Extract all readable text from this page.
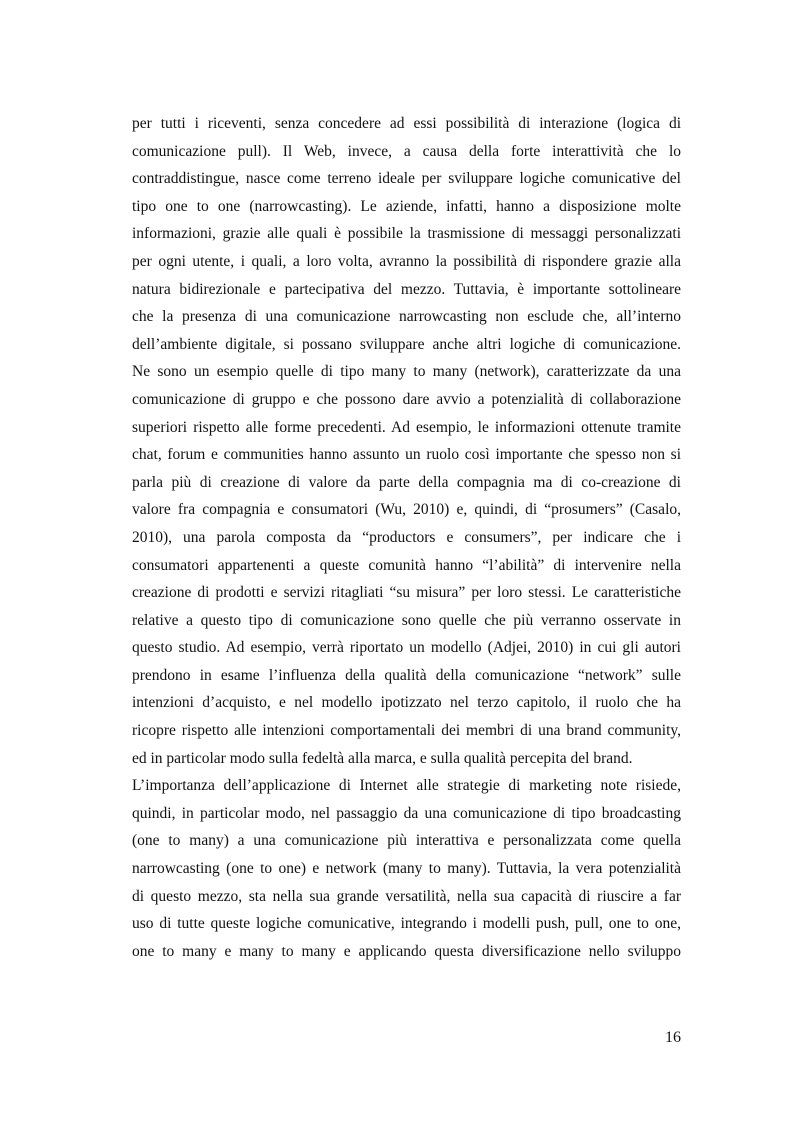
per tutti i riceventi, senza concedere ad essi possibilità di interazione (logica di
comunicazione pull). Il Web, invece, a causa della forte interattività che lo
contraddistingue, nasce come terreno ideale per sviluppare logiche comunicative del
tipo one to one (narrowcasting). Le aziende, infatti, hanno a disposizione molte
informazioni, grazie alle quali è possibile la trasmissione di messaggi personalizzati
per ogni utente, i quali, a loro volta, avranno la possibilità di rispondere grazie alla
natura bidirezionale e partecipativa del mezzo. Tuttavia, è importante sottolineare
che la presenza di una comunicazione narrowcasting non esclude che, all’interno
dell’ambiente digitale, si possano sviluppare anche altri logiche di comunicazione.
Ne sono un esempio quelle di tipo many to many (network), caratterizzate da una
comunicazione di gruppo e che possono dare avvio a potenzialità di collaborazione
superiori rispetto alle forme precedenti. Ad esempio, le informazioni ottenute tramite
chat, forum e communities hanno assunto un ruolo così importante che spesso non si
parla più di creazione di valore da parte della compagnia ma di co-creazione di
valore fra compagnia e consumatori (Wu, 2010) e, quindi, di “prosumers” (Casalo,
2010), una parola composta da “productors e consumers”, per indicare che i
consumatori appartenenti a queste comunità hanno “l’abilità” di intervenire nella
creazione di prodotti e servizi ritagliati “su misura” per loro stessi. Le caratteristiche
relative a questo tipo di comunicazione sono quelle che più verranno osservate in
questo studio. Ad esempio, verrà riportato un modello (Adjei, 2010) in cui gli autori
prendono in esame l’influenza della qualità della comunicazione “network” sulle
intenzioni d’acquisto, e nel modello ipotizzato nel terzo capitolo, il ruolo che ha
ricopre rispetto alle intenzioni comportamentali dei membri di una brand community,
ed in particolar modo sulla fedeltà alla marca, e sulla qualità percepita del brand.
L’importanza dell’applicazione di Internet alle strategie di marketing note risiede,
quindi, in particolar modo, nel passaggio da una comunicazione di tipo broadcasting
(one to many) a una comunicazione più interattiva e personalizzata come quella
narrowcasting (one to one) e network (many to many). Tuttavia, la vera potenzialità
di questo mezzo, sta nella sua grande versatilità, nella sua capacità di riuscire a far
uso di tutte queste logiche comunicative, integrando i modelli push, pull, one to one,
one to many e many to many e applicando questa diversificazione nello sviluppo
16
